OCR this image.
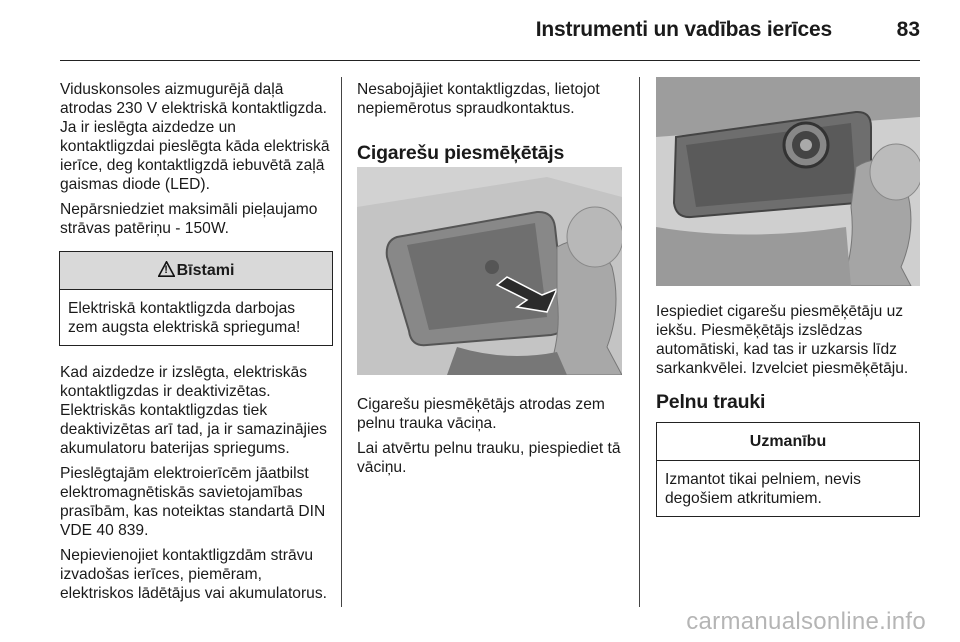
Instrumenti un vadības ierīces	83

Viduskonsoles aizmugurējā daļā atrodas 230 V elektriskā kontaktligzda. Ja ir ieslēgta aizdedze un kontaktligzdai pieslēgta kāda elektriskā ierīce, deg kontaktligzdā iebuvētā zaļā gaismas diode (LED).

Nepārsniedziet maksimāli pieļaujamo strāvas patēriņu - 150W.

! Bīstami
Elektriskā kontaktligzda darbojas zem augsta elektriskā sprieguma!

Kad aizdedze ir izslēgta, elektriskās kontaktligzdas ir deaktivizētas. Elektriskās kontaktligzdas tiek deaktivizētas arī tad, ja ir samazinājies akumulatoru baterijas spriegums.

Pieslēgtajām elektroierīcēm jāatbilst elektromagnētiskās savietojamības prasībām, kas noteiktas standartā DIN VDE 40 839.

Nepievienojiet kontaktligzdām strāvu izvadošas ierīces, piemēram, elektriskos lādētājus vai akumulatorus.

Nesabojājiet kontaktligzdas, lietojot nepiemērotus spraudkontaktus.

Cigarešu piesmēķētājs

Cigarešu piesmēķētājs atrodas zem pelnu trauka vāciņa.

Lai atvērtu pelnu trauku, piespiediet tā vāciņu.

Iespiediet cigarešu piesmēķētāju uz iekšu. Piesmēķētājs izslēdzas automātiski, kad tas ir uzkarsis līdz sarkankvēlei. Izvelciet piesmēķētāju.

Pelnu trauki
Uzmanību
Izmantot tikai pelniem, nevis degošiem atkritumiem.
carmanualsonline.info
